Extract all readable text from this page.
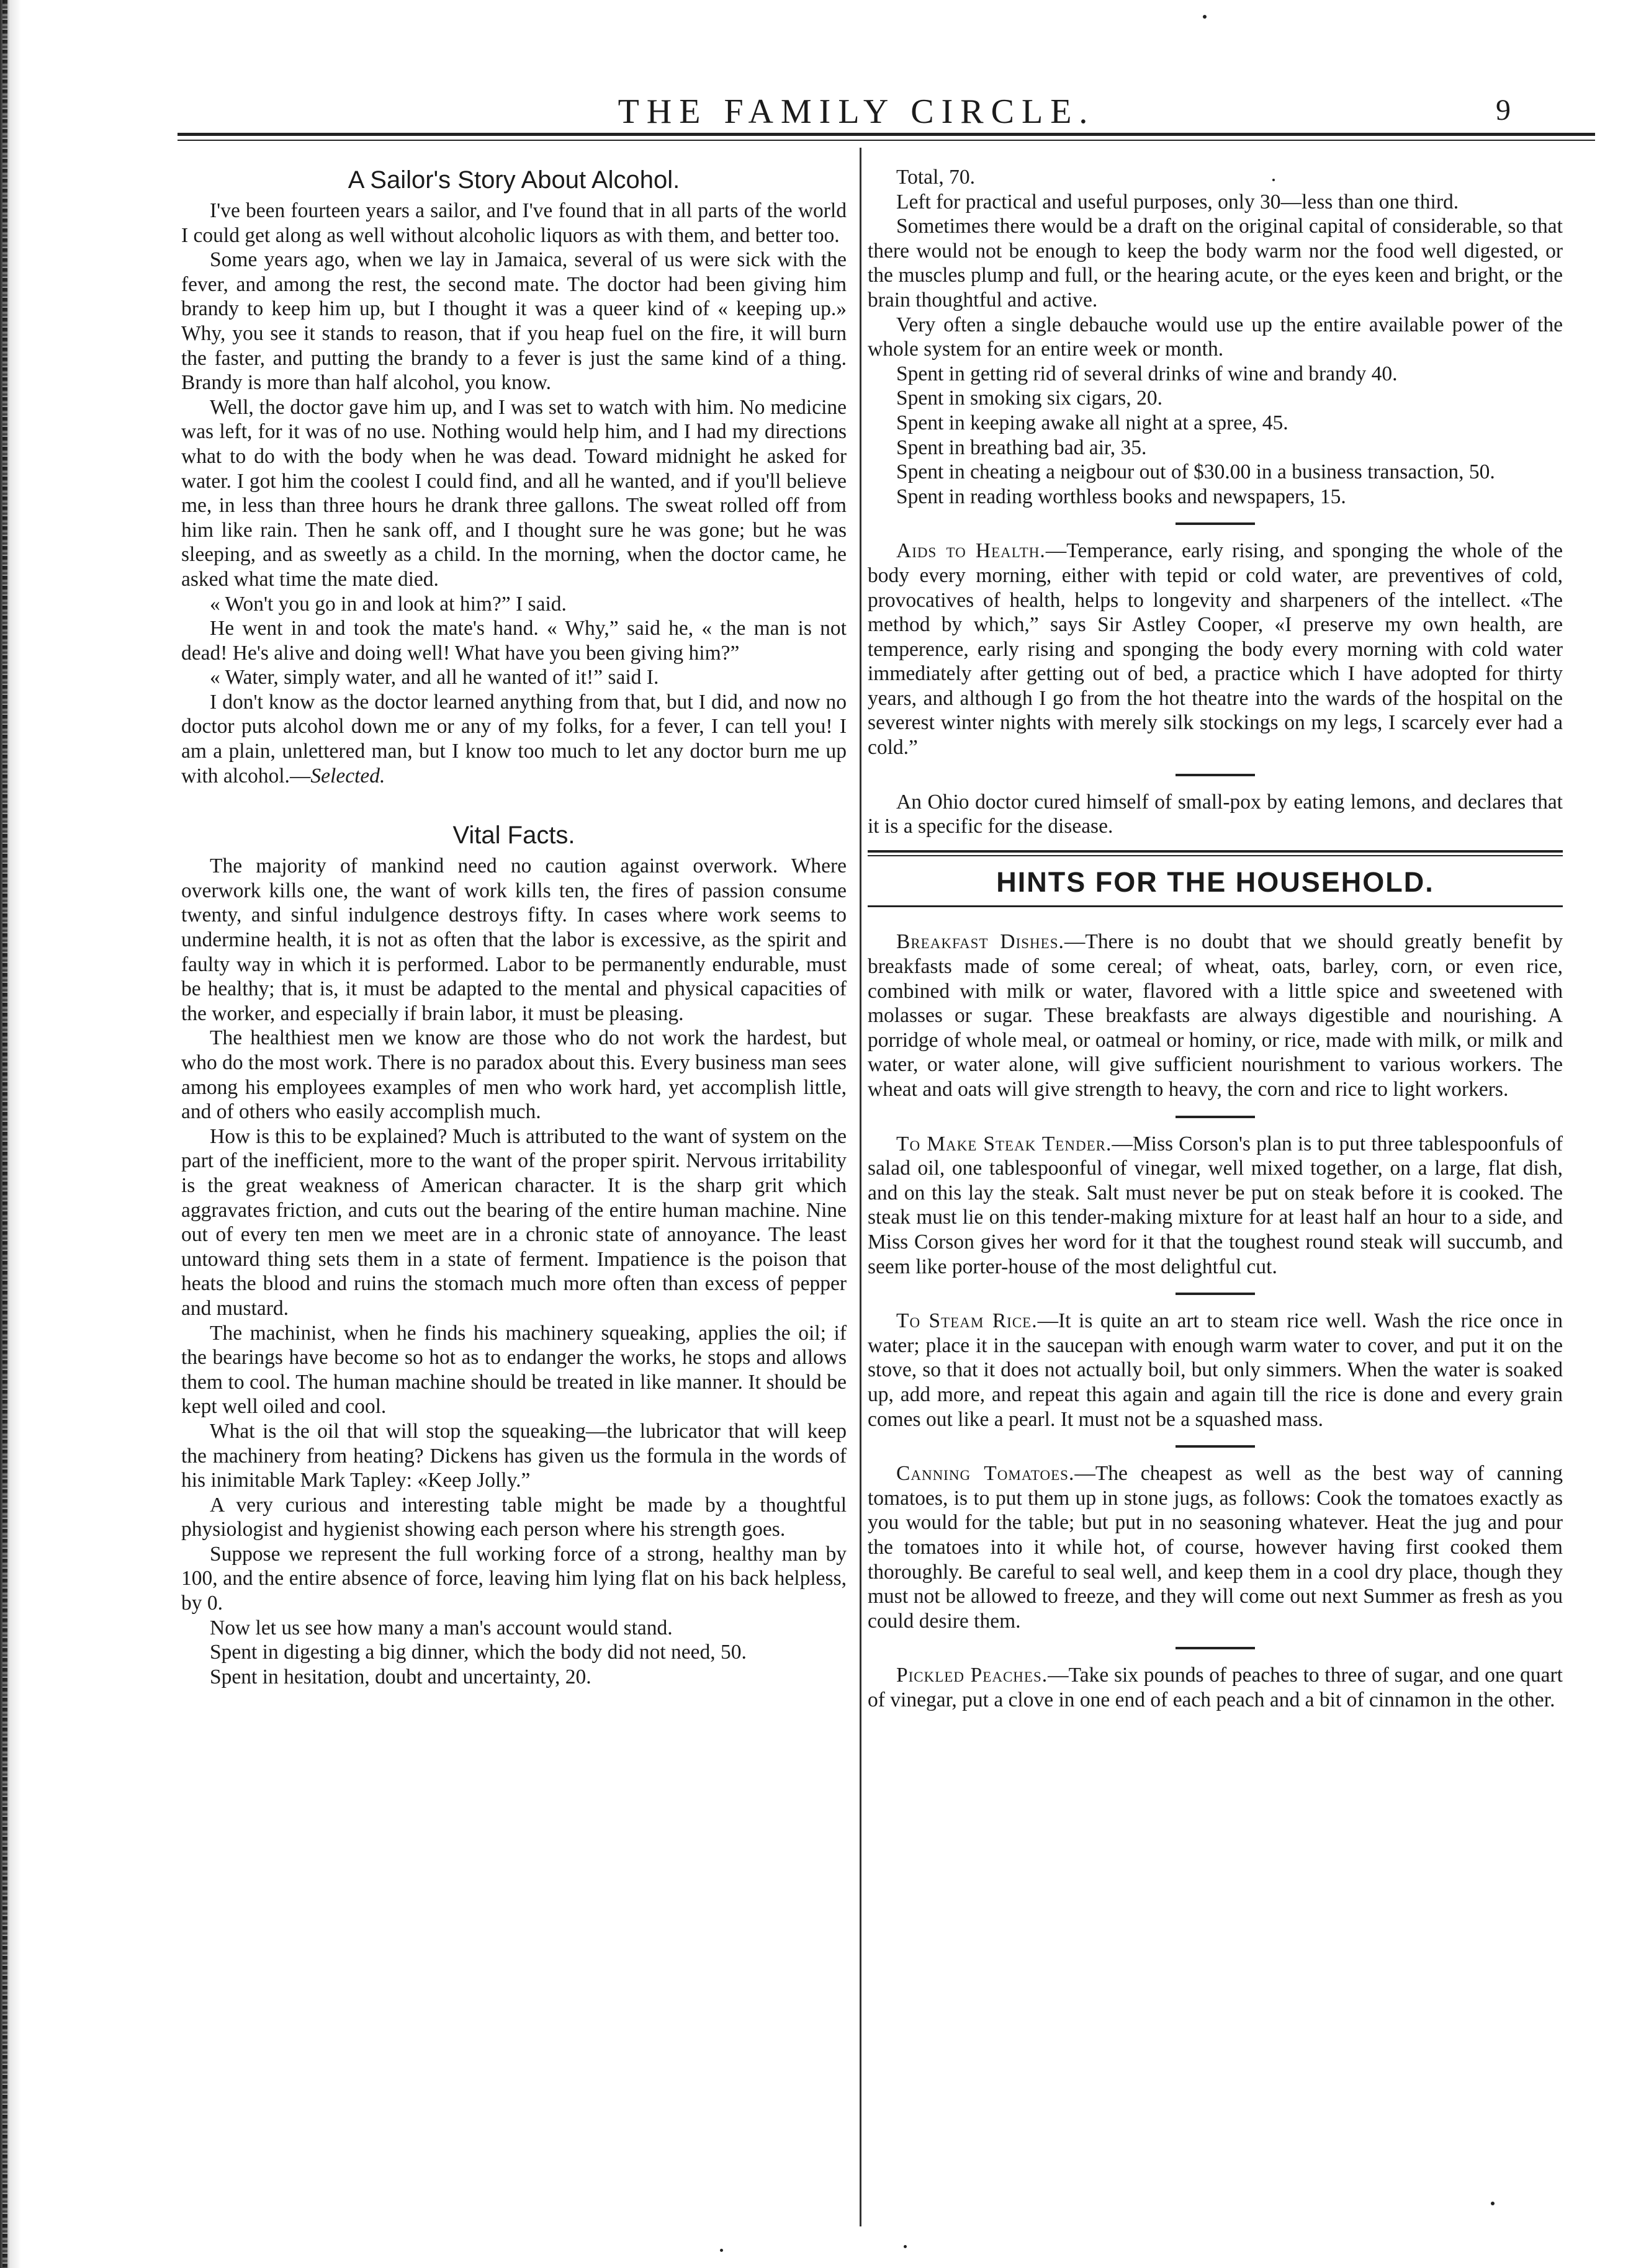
THE FAMILY CIRCLE.	9
A Sailor's Story About Alcohol.

I've been fourteen years a sailor, and I've found that in all parts of the world I could get along as well without alcoholic liquors as with them, and better too.

Some years ago, when we lay in Jamaica, several of us were sick with the fever, and among the rest, the second mate. The doctor had been giving him brandy to keep him up, but I thought it was a queer kind of « keeping up.» Why, you see it stands to reason, that if you heap fuel on the fire, it will burn the faster, and putting the brandy to a fever is just the same kind of a thing. Brandy is more than half alcohol, you know.

Well, the doctor gave him up, and I was set to watch with him. No medicine was left, for it was of no use. Nothing would help him, and I had my directions what to do with the body when he was dead. Toward midnight he asked for water. I got him the coolest I could find, and all he wanted, and if you'll believe me, in less than three hours he drank three gallons. The sweat rolled off from him like rain. Then he sank off, and I thought sure he was gone; but he was sleeping, and as sweetly as a child. In the morning, when the doctor came, he asked what time the mate died.

« Won't you go in and look at him?” I said.

He went in and took the mate's hand. « Why,” said he, « the man is not dead! He's alive and doing well! What have you been giving him?”

« Water, simply water, and all he wanted of it!” said I.

I don't know as the doctor learned anything from that, but I did, and now no doctor puts alcohol down me or any of my folks, for a fever, I can tell you! I am a plain, unlettered man, but I know too much to let any doctor burn me up with alcohol.—Selected.

Vital Facts.

The majority of mankind need no caution against overwork. Where overwork kills one, the want of work kills ten, the fires of passion consume twenty, and sinful indulgence destroys fifty. In cases where work seems to undermine health, it is not as often that the labor is excessive, as the spirit and faulty way in which it is performed. Labor to be permanently endurable, must be healthy; that is, it must be adapted to the mental and physical capacities of the worker, and especially if brain labor, it must be pleasing.

The healthiest men we know are those who do not work the hardest, but who do the most work. There is no paradox about this. Every business man sees among his employees examples of men who work hard, yet accomplish little, and of others who easily accomplish much.

How is this to be explained? Much is attributed to the want of system on the part of the inefficient, more to the want of the proper spirit. Nervous irritability is the great weakness of American character. It is the sharp grit which aggravates friction, and cuts out the bearing of the entire human machine. Nine out of every ten men we meet are in a chronic state of annoyance. The least untoward thing sets them in a state of ferment. Impatience is the poison that heats the blood and ruins the stomach much more often than excess of pepper and mustard.

The machinist, when he finds his machinery squeaking, applies the oil; if the bearings have become so hot as to endanger the works, he stops and allows them to cool. The human machine should be treated in like manner. It should be kept well oiled and cool.

What is the oil that will stop the squeaking—the lubricator that will keep the machinery from heating? Dickens has given us the formula in the words of his inimitable Mark Tapley: «Keep Jolly.”

A very curious and interesting table might be made by a thoughtful physiologist and hygienist showing each person where his strength goes.

Suppose we represent the full working force of a strong, healthy man by 100, and the entire absence of force, leaving him lying flat on his back helpless, by 0.

Now let us see how many a man's account would stand.

Spent in digesting a big dinner, which the body did not need, 50.

Spent in hesitation, doubt and uncertainty, 20.

Total, 70.

Left for practical and useful purposes, only 30—less than one third.

Sometimes there would be a draft on the original capital of considerable, so that there would not be enough to keep the body warm nor the food well digested, or the muscles plump and full, or the hearing acute, or the eyes keen and bright, or the brain thoughtful and active.

Very often a single debauche would use up the entire available power of the whole system for an entire week or month.

Spent in getting rid of several drinks of wine and brandy 40.

Spent in smoking six cigars, 20.

Spent in keeping awake all night at a spree, 45.

Spent in breathing bad air, 35.

Spent in cheating a neigbour out of $30.00 in a business transaction, 50.

Spent in reading worthless books and newspapers, 15.

Aids to Health.—Temperance, early rising, and sponging the whole of the body every morning, either with tepid or cold water, are preventives of cold, provocatives of health, helps to longevity and sharpeners of the intellect. «The method by which,” says Sir Astley Cooper, «I preserve my own health, are temperence, early rising and sponging the body every morning with cold water immediately after getting out of bed, a practice which I have adopted for thirty years, and although I go from the hot theatre into the wards of the hospital on the severest winter nights with merely silk stockings on my legs, I scarcely ever had a cold.”

An Ohio doctor cured himself of small-pox by eating lemons, and declares that it is a specific for the disease.

HINTS FOR THE HOUSEHOLD.

Breakfast Dishes.—There is no doubt that we should greatly benefit by breakfasts made of some cereal; of wheat, oats, barley, corn, or even rice, combined with milk or water, flavored with a little spice and sweetened with molasses or sugar. These breakfasts are always digestible and nourishing. A porridge of whole meal, or oatmeal or hominy, or rice, made with milk, or milk and water, or water alone, will give sufficient nourishment to various workers. The wheat and oats will give strength to heavy, the corn and rice to light workers.

To Make Steak Tender.—Miss Corson's plan is to put three tablespoonfuls of salad oil, one tablespoonful of vinegar, well mixed together, on a large, flat dish, and on this lay the steak. Salt must never be put on steak before it is cooked. The steak must lie on this tender-making mixture for at least half an hour to a side, and Miss Corson gives her word for it that the toughest round steak will succumb, and seem like porter-house of the most delightful cut.

To Steam Rice.—It is quite an art to steam rice well. Wash the rice once in water; place it in the saucepan with enough warm water to cover, and put it on the stove, so that it does not actually boil, but only simmers. When the water is soaked up, add more, and repeat this again and again till the rice is done and every grain comes out like a pearl. It must not be a squashed mass.

Canning Tomatoes.—The cheapest as well as the best way of canning tomatoes, is to put them up in stone jugs, as follows: Cook the tomatoes exactly as you would for the table; but put in no seasoning whatever. Heat the jug and pour the tomatoes into it while hot, of course, however having first cooked them thoroughly. Be careful to seal well, and keep them in a cool dry place, though they must not be allowed to freeze, and they will come out next Summer as fresh as you could desire them.

Pickled Peaches.—Take six pounds of peaches to three of sugar, and one quart of vinegar, put a clove in one end of each peach and a bit of cinnamon in the other.
